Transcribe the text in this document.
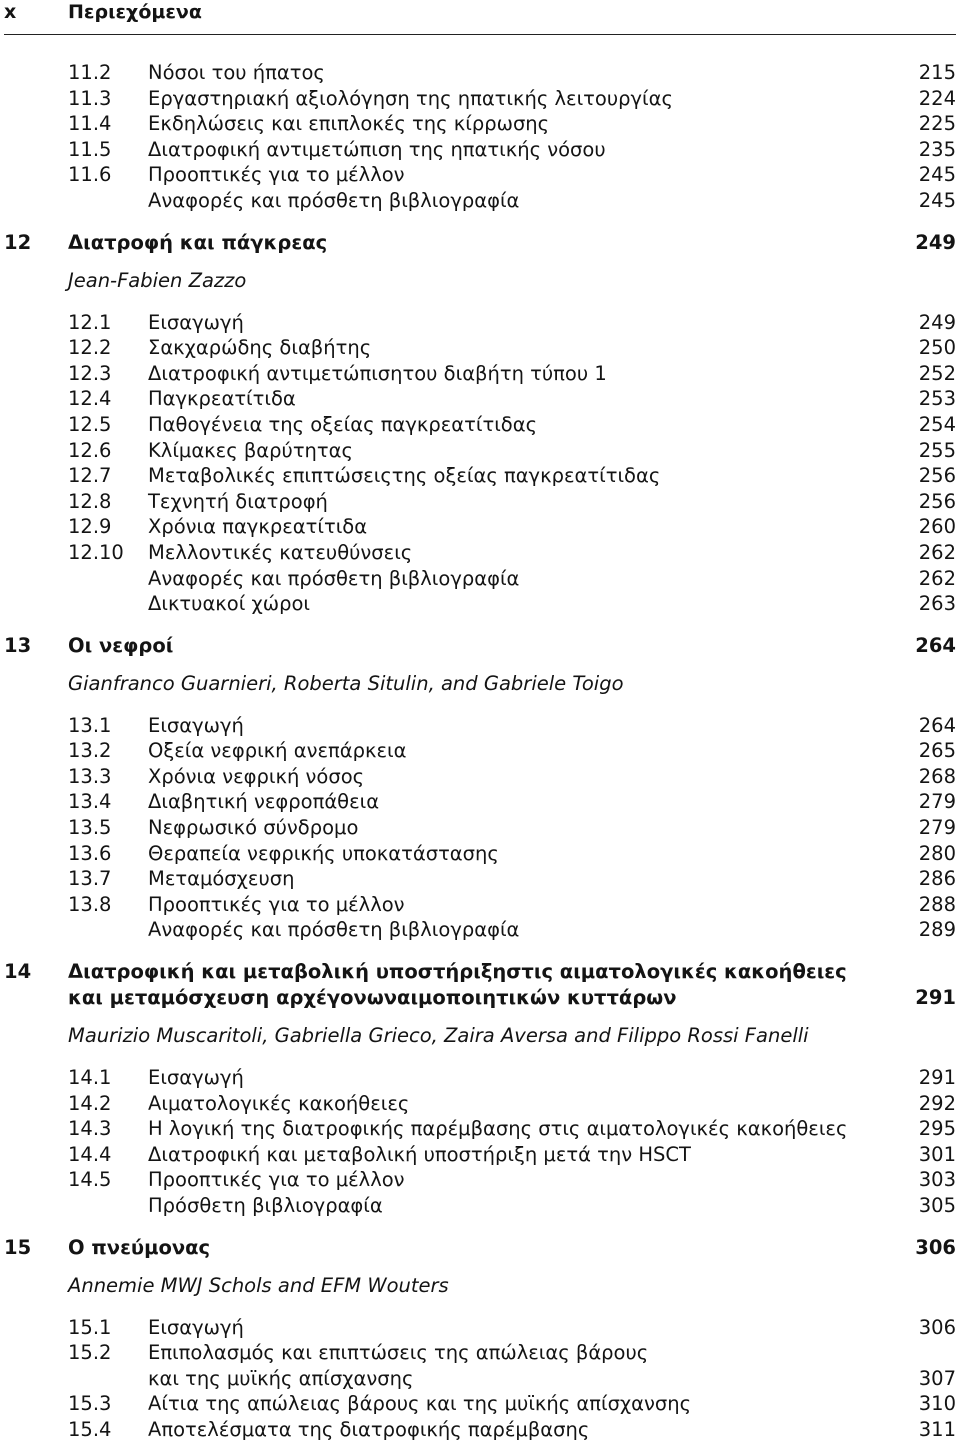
x	Περιεχόμενα
11.2 Νόσοι του ήπατος	215
11.3 Εργαστηριακή αξιολόγηση της ηπατικής λειτουργίας	224
11.4 Εκδηλώσεις και επιπλοκές της κίρρωσης	225
11.5 Διατροφική αντιμετώπιση της ηπατικής νόσου	235
11.6 Προοπτικές για το μέλλον	245
Αναφορές και πρόσθετη βιβλιογραφία	245
12 Διατροφή και πάγκρεας	249
Jean-Fabien Zazzo
12.1 Εισαγωγή	249
12.2 Σακχαρώδης διαβήτης	250
12.3 Διατροφική αντιμετώπισητου διαβήτη τύπου 1	252
12.4 Παγκρεατίτιδα	253
12.5 Παθογένεια της οξείας παγκρεατίτιδας	254
12.6 Κλίμακες βαρύτητας	255
12.7 Μεταβολικές επιπτώσειςτης οξείας παγκρεατίτιδας	256
12.8 Τεχνητή διατροφή	256
12.9 Χρόνια παγκρεατίτιδα	260
12.10 Μελλοντικές κατευθύνσεις	262
Αναφορές και πρόσθετη βιβλιογραφία	262
Δικτυακοί χώροι	263
13 Οι νεφροί	264
Gianfranco Guarnieri, Roberta Situlin, and Gabriele Toigo
13.1 Εισαγωγή	264
13.2 Οξεία νεφρική ανεπάρκεια	265
13.3 Χρόνια νεφρική νόσος	268
13.4 Διαβητική νεφροπάθεια	279
13.5 Νεφρωσικό σύνδρομο	279
13.6 Θεραπεία νεφρικής υποκατάστασης	280
13.7 Μεταμόσχευση	286
13.8 Προοπτικές για το μέλλον	288
Αναφορές και πρόσθετη βιβλιογραφία	289
14 Διατροφική και μεταβολική υποστήριξηστις αιματολογικές κακοήθειες
και μεταμόσχευση αρχέγονωναιμοποιητικών κυττάρων	291
Maurizio Muscaritoli, Gabriella Grieco, Zaira Aversa and Filippo Rossi Fanelli
14.1 Εισαγωγή	291
14.2 Αιματολογικές κακοήθειες	292
14.3 Η λογική της διατροφικής παρέμβασης στις αιματολογικές κακοήθειες	295
14.4 Διατροφική και μεταβολική υποστήριξη μετά την HSCT	301
14.5 Προοπτικές για το μέλλον	303
Πρόσθετη βιβλιογραφία	305
15 Ο πνεύμονας	306
Annemie MWJ Schols and EFM Wouters
15.1 Εισαγωγή	306
15.2 Επιπολασμός και επιπτώσεις της απώλειας βάρους
και της μυϊκής απίσχανσης	307
15.3 Αίτια της απώλειας βάρους και της μυϊκής απίσχανσης	310
15.4 Αποτελέσματα της διατροφικής παρέμβασης	311
